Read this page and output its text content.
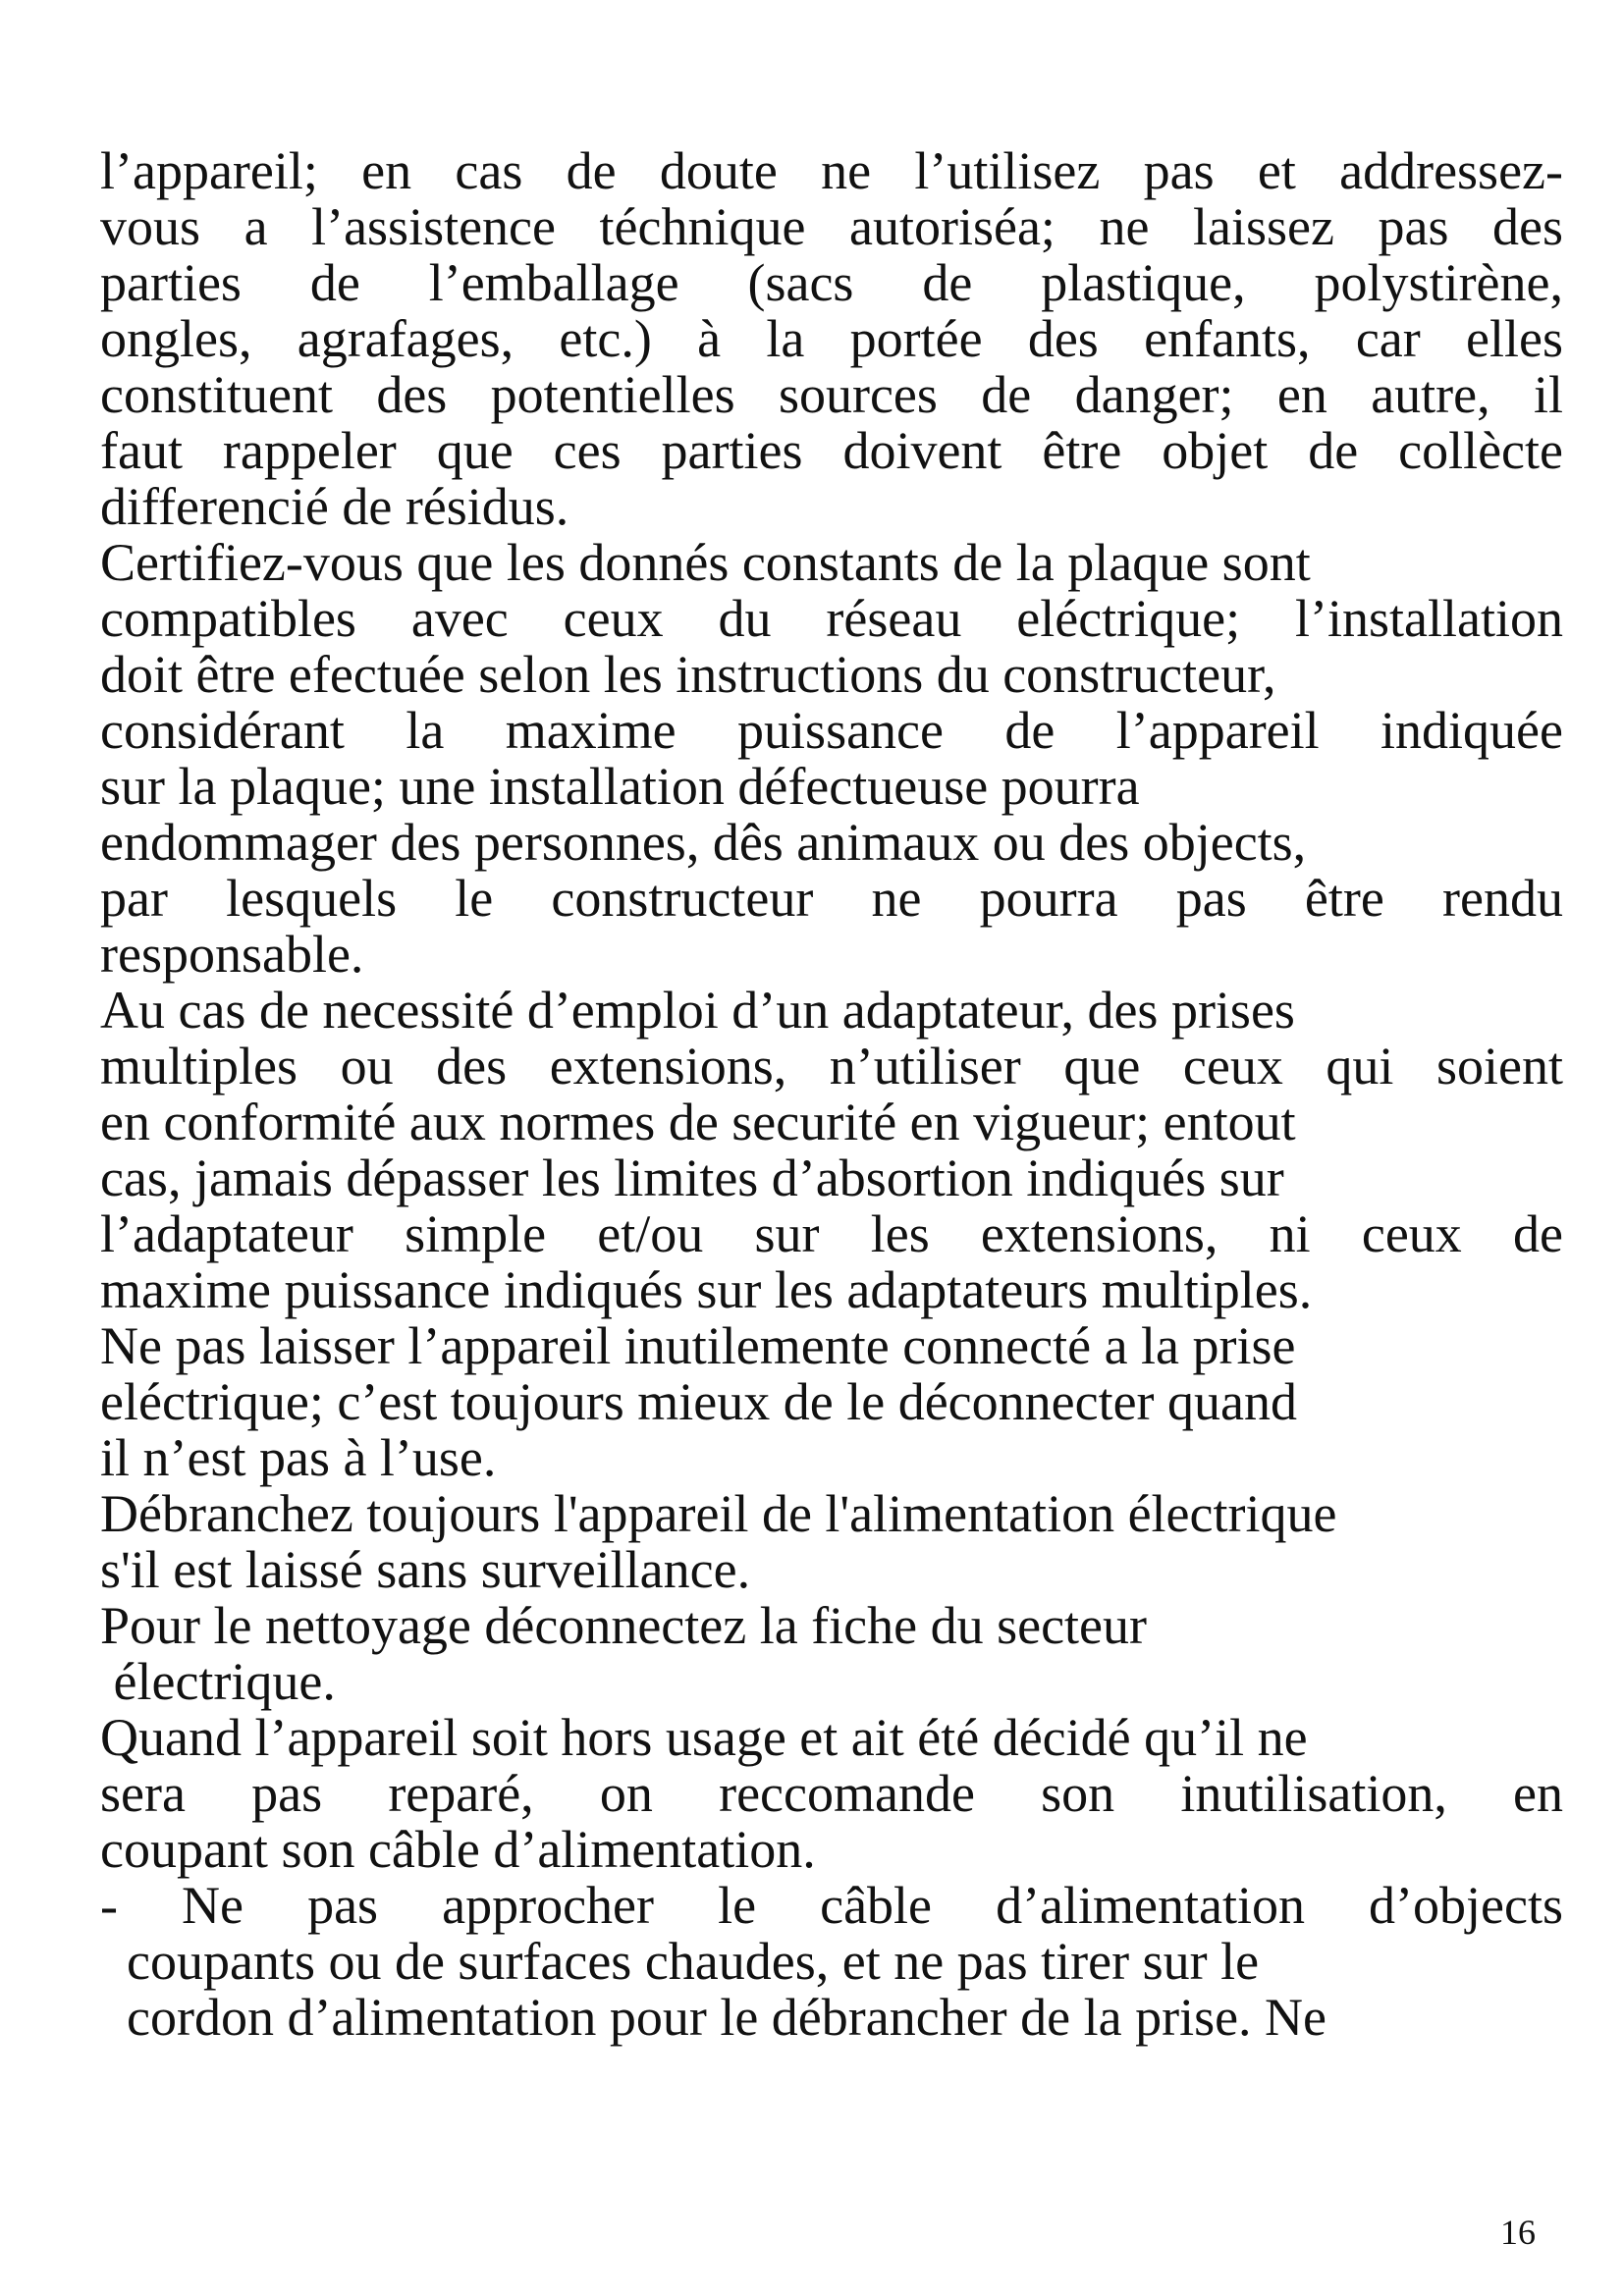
l’appareil; en cas de doute ne l’utilisez pas et addressez-
vous a l’assistence téchnique autoriséa; ne laissez pas des
parties de l’emballage (sacs de plastique, polystirène,
ongles, agrafages, etc.) à la portée des enfants, car elles
constituent des potentielles sources de danger; en autre, il
faut rappeler que ces parties doivent être objet de collècte
differencié de résidus.
Certifiez-vous que les donnés constants de la plaque sont
compatibles avec ceux du réseau eléctrique; l’installation
doit être efectuée selon les instructions du constructeur,
considérant la maxime puissance de l’appareil indiquée
sur la plaque; une installation défectueuse pourra
endommager des personnes, dês animaux ou des objects,
par lesquels le constructeur ne pourra pas être rendu
responsable.
Au cas de necessité d’emploi d’un adaptateur, des prises
multiples ou des extensions, n’utiliser que ceux qui soient
en conformité aux normes de securité en vigueur; entout
cas, jamais dépasser les limites d’absortion indiqués sur
l’adaptateur simple et/ou sur les extensions, ni ceux de
maxime puissance indiqués sur les adaptateurs multiples.
Ne pas laisser l’appareil inutilemente connecté a la prise
eléctrique; c’est toujours mieux de le déconnecter quand
il n’est pas à l’use.
Débranchez toujours l'appareil de l'alimentation électrique
s'il est laissé sans surveillance.
Pour le nettoyage déconnectez la fiche du secteur
électrique.
Quand l’appareil soit hors usage et ait été décidé qu’il ne
sera pas reparé, on reccomande son inutilisation, en
coupant son câble d’alimentation.
- Ne pas approcher le câble d’alimentation d’objects
coupants ou de surfaces chaudes, et ne pas tirer sur le
cordon d’alimentation pour le débrancher de la prise. Ne
16
